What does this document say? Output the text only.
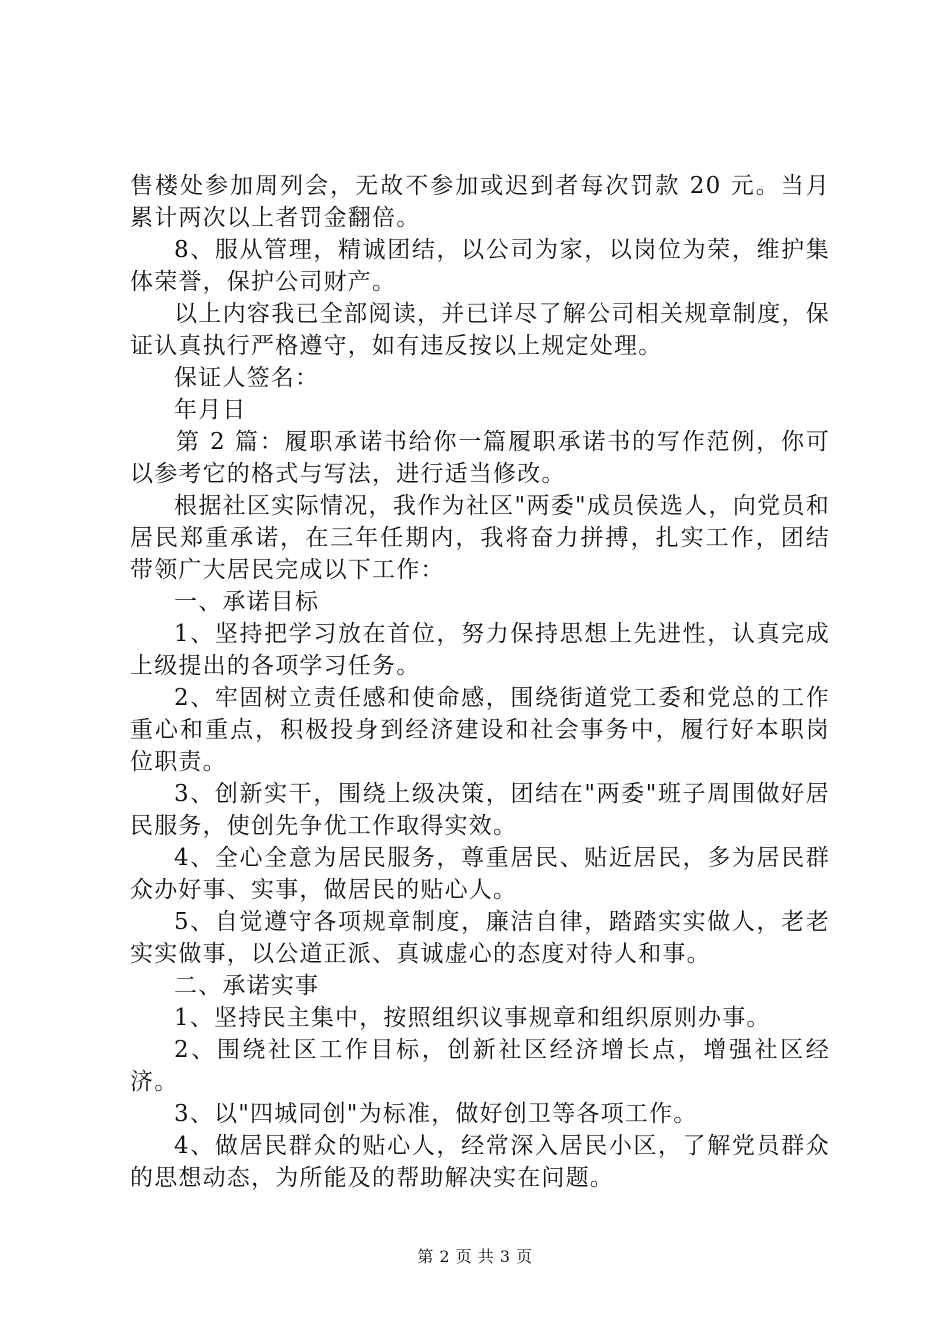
售楼处参加周列会，无故不参加或迟到者每次罚款 20 元。当月累计两次以上者罚金翻倍。

8、服从管理，精诚团结，以公司为家，以岗位为荣，维护集体荣誉，保护公司财产。

以上内容我已全部阅读，并已详尽了解公司相关规章制度，保证认真执行严格遵守，如有违反按以上规定处理。

保证人签名：

年月日

第 2 篇：履职承诺书给你一篇履职承诺书的写作范例，你可以参考它的格式与写法，进行适当修改。

根据社区实际情况，我作为社区"两委"成员侯选人，向党员和居民郑重承诺，在三年任期内，我将奋力拼搏，扎实工作，团结带领广大居民完成以下工作：

一、承诺目标

1、坚持把学习放在首位，努力保持思想上先进性，认真完成上级提出的各项学习任务。

2、牢固树立责任感和使命感，围绕街道党工委和党总的工作重心和重点，积极投身到经济建设和社会事务中，履行好本职岗位职责。

3、创新实干，围绕上级决策，团结在"两委"班子周围做好居民服务，使创先争优工作取得实效。

4、全心全意为居民服务，尊重居民、贴近居民，多为居民群众办好事、实事，做居民的贴心人。

5、自觉遵守各项规章制度，廉洁自律，踏踏实实做人，老老实实做事，以公道正派、真诚虚心的态度对待人和事。

二、承诺实事

1、坚持民主集中，按照组织议事规章和组织原则办事。

2、围绕社区工作目标，创新社区经济增长点，增强社区经济。

3、以"四城同创"为标准，做好创卫等各项工作。

4、做居民群众的贴心人，经常深入居民小区，了解党员群众的思想动态，为所能及的帮助解决实在问题。

第 2 页 共 3 页
